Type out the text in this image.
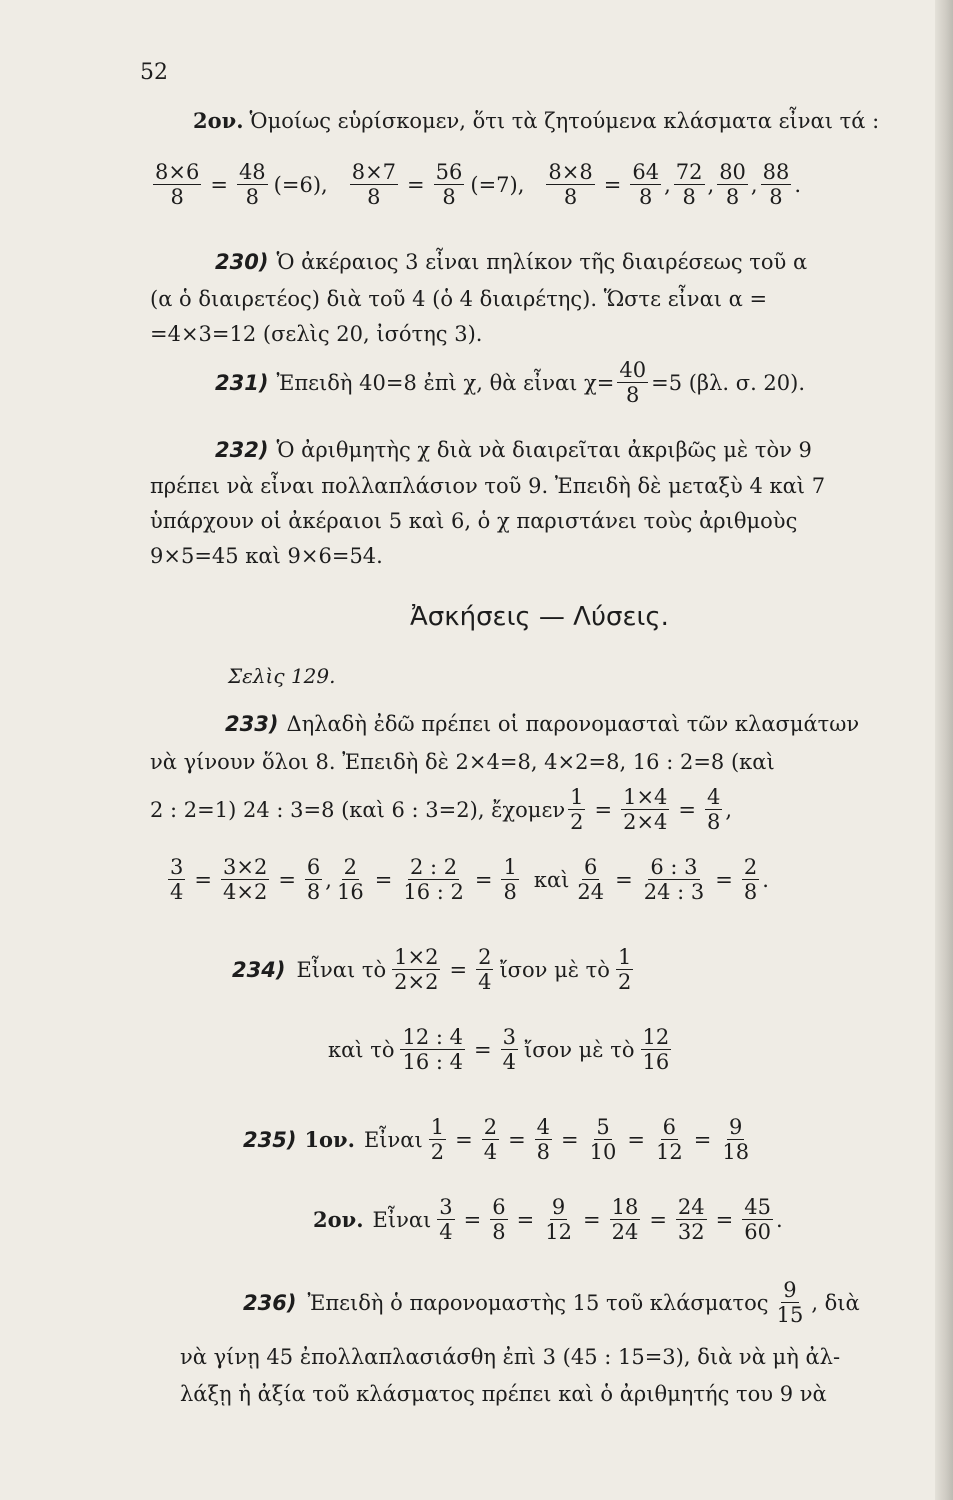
52
2ον. Ὁμοίως εὑρίσκομεν, ὅτι τὰ ζητούμενα κλάσματα εἶναι τά :
$\frac{8\times 6}{8} = \frac{48}{8} (=6)$, $\frac{8\times 7}{8} = \frac{56}{8} (=7)$, $\frac{8\times 8}{8} = \frac{64}{8}$ ,
72
8
,
80
8
,
88
8
.
230) Ὁ ἀκέραιος 3 εἶναι πηλίκον τῆς διαιρέσεως τοῦ α
(α ὁ διαιρετέος) διὰ τοῦ 4 (ὁ 4 διαιρέτης). Ὥστε εἶναι α =
=4×3=12 (σελὶς 20, ἰσότης 3).
231) Ἐπειδὴ 40=8 ἐπὶ χ, θὰ εἶναι $\chi= \frac{40}{8} =5$ (βλ. σ. 20).
232) Ὁ ἀριθμητὴς χ διὰ νὰ διαιρεῖται ἀκριβῶς μὲ τὸν 9
πρέπει νὰ εἶναι πολλαπλάσιον τοῦ 9. Ἐπειδὴ δὲ μεταξὺ 4 καὶ 7
ὑπάρχουν οἱ ἀκέραιοι 5 καὶ 6, ὁ χ παριστάνει τοὺς ἀριθμοὺς
9×5=45 καὶ 9×6=54.
Ἀσκήσεις — Λύσεις.
Σελὶς 129.
233) Δηλαδὴ ἐδῶ πρέπει οἱ παρονομασταὶ τῶν κλασμάτων
νὰ γίνουν ὅλοι 8. Ἐπειδὴ δὲ 2×4=8, 4×2=8, 16 : 2=8 (καὶ
2 : 2=1) 24 : 3=8 (καὶ 6 : 3=2), ἔχομεν $\frac{1}{2} = \frac{1\times 4}{2\times 4} = \frac{4}{8}$ ,
$\frac{3}{4} = \frac{3\times 2}{4\times 2} = \frac{6}{8}$ , $\frac{2}{16} = \frac{2 : 2}{16 : 2} = \frac{1}{8}$ καὶ $\frac{6}{24} = \frac{6 : 3}{24 : 3} = \frac{2}{8}$ .
234) Εἶναι τὸ $\frac{1\times 2}{2\times 2} = \frac{2}{4}$ ἴσον μὲ τὸ
1
2
καὶ τὸ $\frac{12 : 4}{16 : 4} = \frac{3}{4}$ ἴσον μὲ τὸ
12
16
235) 1ον. Εἶναι $\frac{1}{2} = \frac{2}{4} = \frac{4}{8} = \frac{5}{10} = \frac{6}{12} = \frac{9}{18}$
2ον. Εἶναι $\frac{3}{4} = \frac{6}{8} = \frac{9}{12} = \frac{18}{24} = \frac{24}{32} = \frac{45}{60}$ .
236) Ἐπειδὴ ὁ παρονομαστὴς 15 τοῦ κλάσματος
9
15
, διὰ
νὰ γίνῃ 45 ἐπολλαπλασιάσθη ἐπὶ 3 (45 : 15=3), διὰ νὰ μὴ ἀλ-
λάξῃ ἡ ἀξία τοῦ κλάσματος πρέπει καὶ ὁ ἀριθμητής του 9 νὰ
